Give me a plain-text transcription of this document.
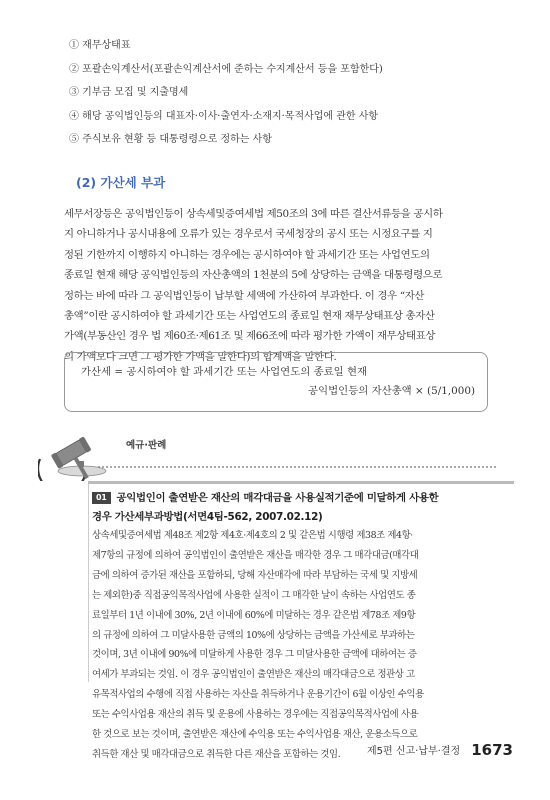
① 재무상태표
② 포괄손익계산서(포괄손익계산서에 준하는 수지계산서 등을 포함한다)
③ 기부금 모집 및 지출명세
④ 해당 공익법인등의 대표자·이사·출연자·소재지·목적사업에 관한 사항
⑤ 주식보유 현황 등 대통령령으로 정하는 사항
(2) 가산세 부과
세무서장등은 공익법인등이 상속세및증여세법 제50조의 3에 따른 결산서류등을 공시하
지 아니하거나 공시내용에 오류가 있는 경우로서 국세청장의 공시 또는 시정요구를 지
정된 기한까지 이행하지 아니하는 경우에는 공시하여야 할 과세기간 또는 사업연도의
종료일 현재 해당 공익법인등의 자산총액의 1천분의 5에 상당하는 금액을 대통령령으로
정하는 바에 따라 그 공익법인등이 납부할 세액에 가산하여 부과한다. 이 경우 “자산
총액”이란 공시하여야 할 과세기간 또는 사업연도의 종료일 현재 재무상태표상 총자산
가액(부동산인 경우 법 제60조·제61조 및 제66조에 따라 평가한 가액이 재무상태표상
의 가액보다 크면 그 평가한 가액을 말한다)의 합계액을 말한다.
가산세 = 공시하여야 할 과세기간 또는 사업연도의 종료일 현재
공익법인등의 자산총액 × (5/1,000)
예규·판례
01 공익법인이 출연받은 재산의 매각대금을 사용실적기준에 미달하게 사용한
경우 가산세부과방법(서면4팀-562, 2007.02.12)
상속세및증여세법 제48조 제2항 제4호·제4호의 2 및 같은법 시행령 제38조 제4항·
제7항의 규정에 의하여 공익법인이 출연받은 재산을 매각한 경우 그 매각대금(매각대
금에 의하여 증가된 재산을 포함하되, 당해 자산매각에 따라 부담하는 국세 및 지방세
는 제외한)중 직접공익목적사업에 사용한 실적이 그 매각한 날이 속하는 사업연도 종
료일부터 1년 이내에 30%, 2년 이내에 60%에 미달하는 경우 같은법 제78조 제9항
의 규정에 의하여 그 미달사용한 금액의 10%에 상당하는 금액을 가산세로 부과하는
것이며, 3년 이내에 90%에 미달하게 사용한 경우 그 미달사용한 금액에 대하여는 증
여세가 부과되는 것임. 이 경우 공익법인이 출연받은 재산의 매각대금으로 정관상 고
유목적사업의 수행에 직접 사용하는 자산을 취득하거나 운용기간이 6월 이상인 수익용
또는 수익사업용 재산의 취득 및 운용에 사용하는 경우에는 직접공익목적사업에 사용
한 것으로 보는 것이며, 출연받은 재산에 수익용 또는 수익사업용 재산, 운용소득으로
취득한 재산 및 매각대금으로 취득한 다른 재산을 포함하는 것임.	제5편 신고·납부·결정 1673
